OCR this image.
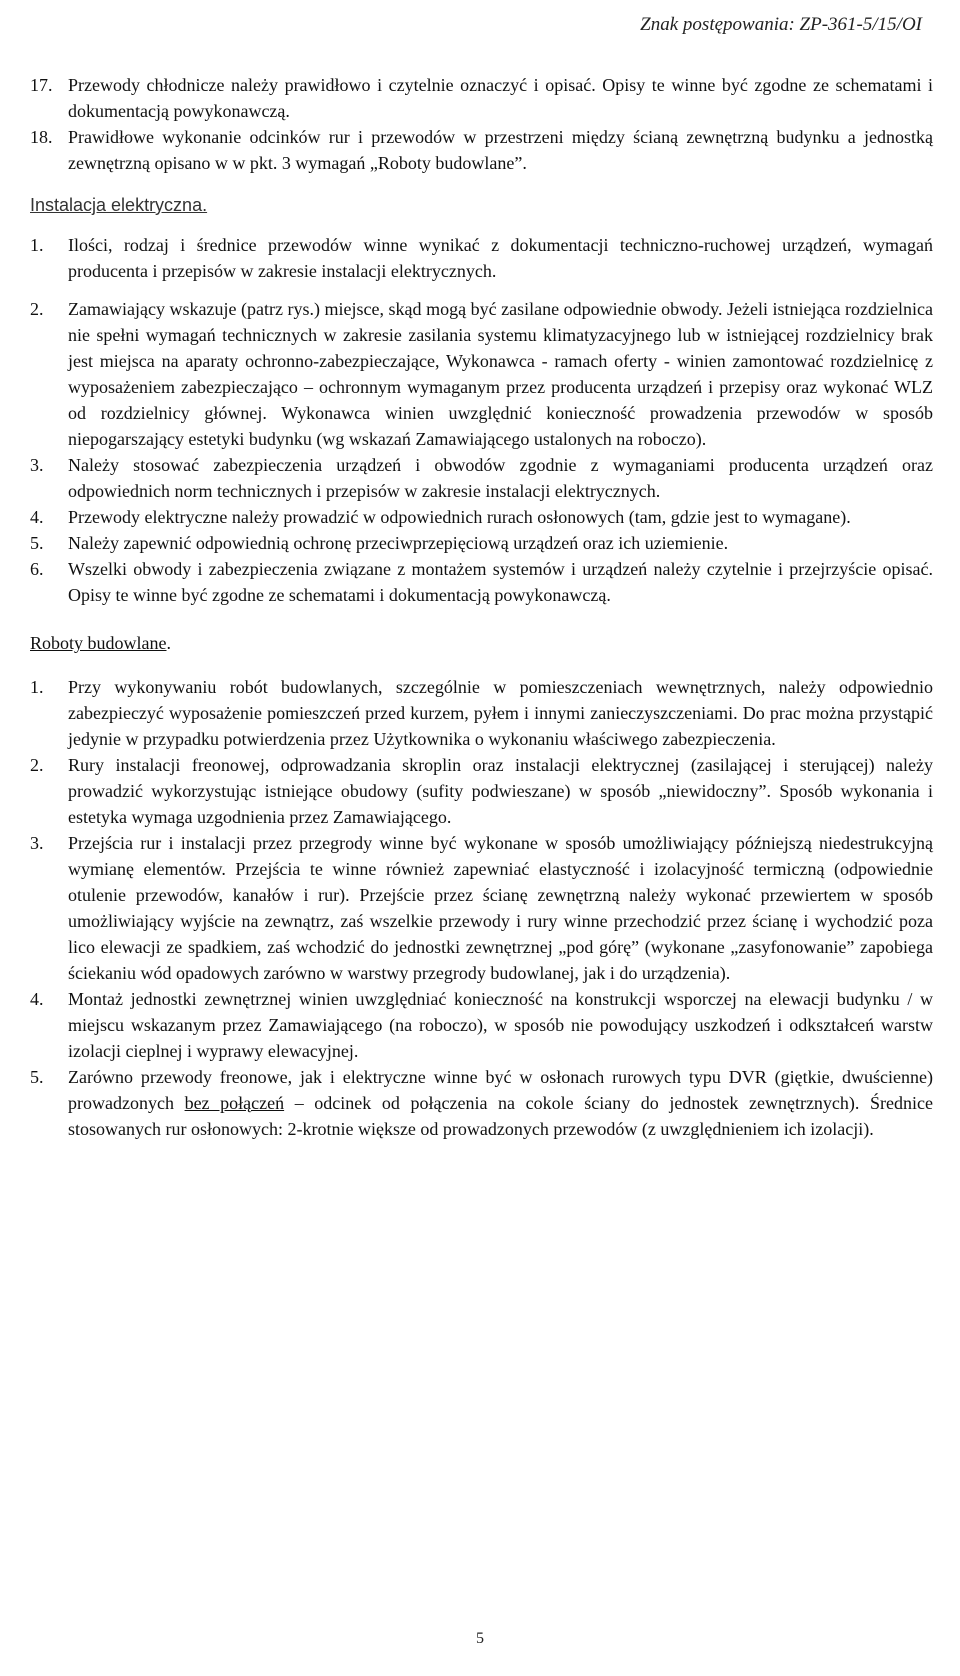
Znak postępowania: ZP-361-5/15/OI
17. Przewody chłodnicze należy prawidłowo i czytelnie oznaczyć i opisać. Opisy te winne być zgodne ze schematami i dokumentacją powykonawczą.
18. Prawidłowe wykonanie odcinków rur i przewodów w przestrzeni między ścianą zewnętrzną budynku a jednostką zewnętrzną opisano w w pkt. 3 wymagań „Roboty budowlane”.
Instalacja elektryczna.
1.	Ilości, rodzaj i średnice przewodów winne wynikać z dokumentacji techniczno-ruchowej urządzeń, wymagań producenta i przepisów w zakresie instalacji elektrycznych.
2.	Zamawiający wskazuje (patrz rys.) miejsce, skąd mogą być zasilane odpowiednie obwody. Jeżeli istniejąca rozdzielnica nie spełni wymagań technicznych w zakresie zasilania systemu klimatyzacyjnego lub w istniejącej rozdzielnicy brak jest miejsca na aparaty ochronno-zabezpieczające, Wykonawca - ramach oferty - winien zamontować rozdzielnicę z wyposażeniem zabezpieczająco – ochronnym wymaganym przez producenta urządzeń i przepisy oraz wykonać WLZ od rozdzielnicy głównej. Wykonawca winien uwzględnić konieczność prowadzenia przewodów w sposób niepogarszający estetyki budynku (wg wskazań Zamawiającego ustalonych na roboczo).
3.	Należy stosować zabezpieczenia urządzeń i obwodów zgodnie z wymaganiami producenta urządzeń oraz odpowiednich norm technicznych i przepisów w zakresie instalacji elektrycznych.
4.	Przewody elektryczne należy prowadzić w odpowiednich rurach osłonowych (tam, gdzie jest to wymagane).
5.	Należy zapewnić odpowiednią ochronę przeciwprzepięciową urządzeń oraz ich uziemienie.
6.	Wszelki obwody i zabezpieczenia związane z montażem systemów i urządzeń należy czytelnie i przejrzyście opisać. Opisy te winne być zgodne ze schematami i dokumentacją powykonawczą.
Roboty budowlane.
1.	Przy wykonywaniu robót budowlanych, szczególnie w pomieszczeniach wewnętrznych, należy odpowiednio zabezpieczyć wyposażenie pomieszczeń przed kurzem, pyłem i innymi zanieczyszczeniami. Do prac można przystąpić jedynie w przypadku potwierdzenia przez Użytkownika o wykonaniu właściwego zabezpieczenia.
2.	Rury instalacji freonowej, odprowadzania skroplin oraz instalacji elektrycznej (zasilającej i sterującej) należy prowadzić wykorzystując istniejące obudowy (sufity podwieszane) w sposób „niewidoczny”. Sposób wykonania i estetyka wymaga uzgodnienia przez Zamawiającego.
3.	Przejścia rur i instalacji przez przegrody winne być wykonane w sposób umożliwiający późniejszą niedestrukcyjną wymianę elementów. Przejścia te winne również zapewniać elastyczność i izolacyjność termiczną (odpowiednie otulenie przewodów, kanałów i rur). Przejście przez ścianę zewnętrzną należy wykonać przewiertem w sposób umożliwiający wyjście na zewnątrz, zaś wszelkie przewody i rury winne przechodzić przez ścianę i wychodzić poza lico elewacji ze spadkiem, zaś wchodzić do jednostki zewnętrznej „pod górę” (wykonane „zasyfonowanie” zapobiega ściekaniu wód opadowych zarówno w warstwy przegrody budowlanej, jak i do urządzenia).
4.	Montaż jednostki zewnętrznej winien uwzględniać konieczność na konstrukcji wsporczej na elewacji budynku / w miejscu wskazanym przez Zamawiającego (na roboczo), w sposób nie powodujący uszkodzeń i odkształceń warstw izolacji cieplnej i wyprawy elewacyjnej.
5.	Zarówno przewody freonowe, jak i elektryczne winne być w osłonach rurowych typu DVR (giętkie, dwuścienne) prowadzonych bez połączeń – odcinek od połączenia na cokole ściany do jednostek zewnętrznych). Średnice stosowanych rur osłonowych: 2-krotnie większe od prowadzonych przewodów (z uwzględnieniem ich izolacji).
5
